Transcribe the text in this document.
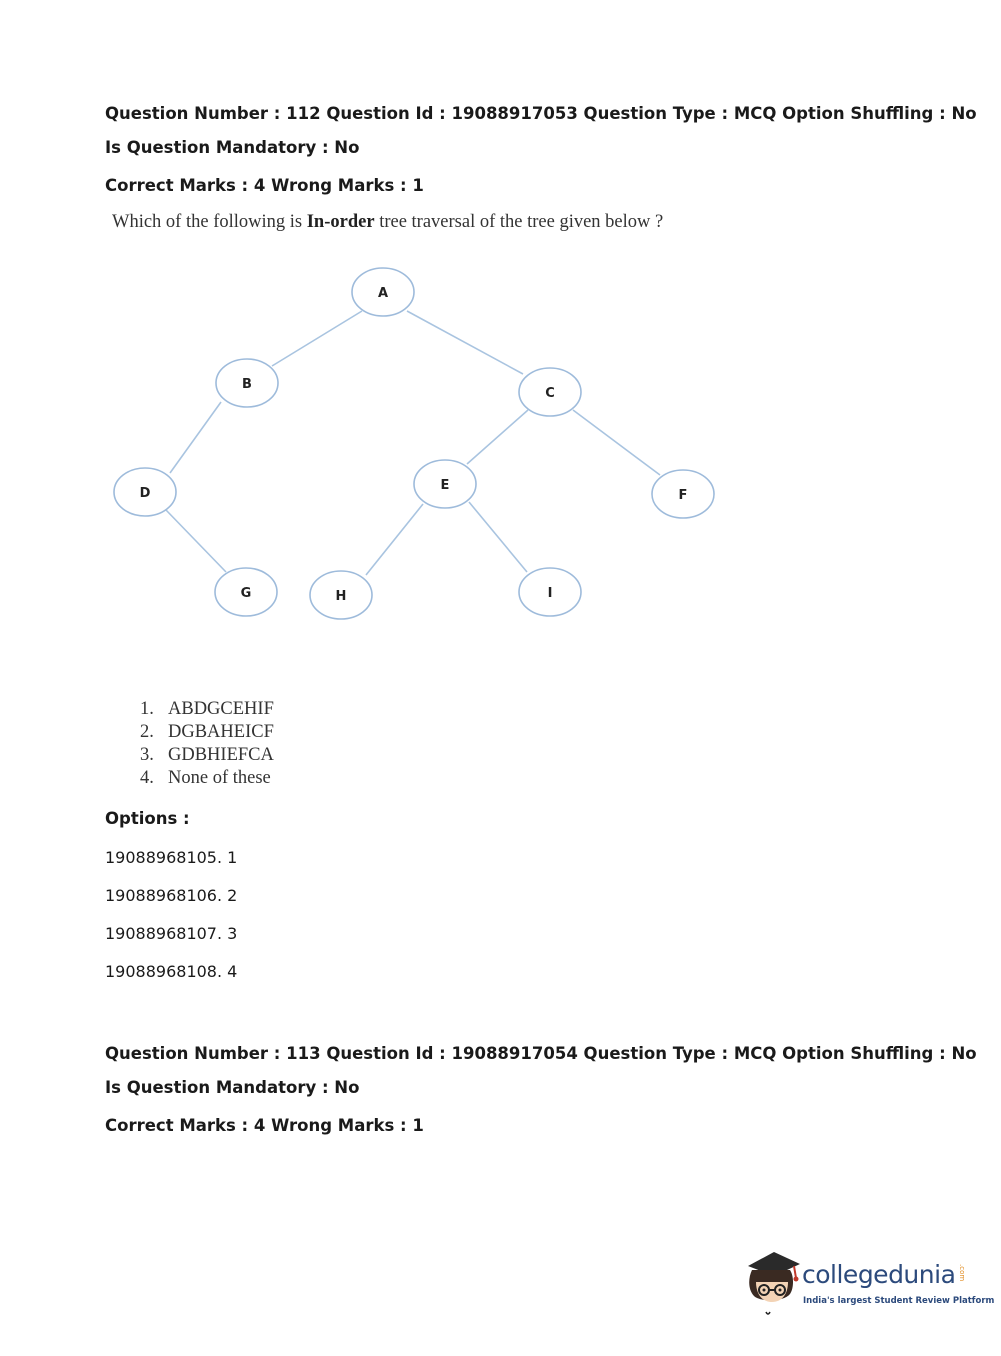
Question Number : 112 Question Id : 19088917053 Question Type : MCQ Option Shuffling : No
Is Question Mandatory : No
Correct Marks : 4 Wrong Marks : 1
Which of the following is In-order tree traversal of the tree given below ?
A
B
C
D
E
F
G	H	I
1. ABDGCEHIF
2. DGBAHEICF
3. GDBHIEFCA
4. None of these
Options :
19088968105. 1
19088968106. 2
19088968107. 3
19088968108. 4
Question Number : 113 Question Id : 19088917054 Question Type : MCQ Option Shuffling : No
Is Question Mandatory : No
Correct Marks : 4 Wrong Marks : 1
collegedunia .com
India's largest Student Review Platform
